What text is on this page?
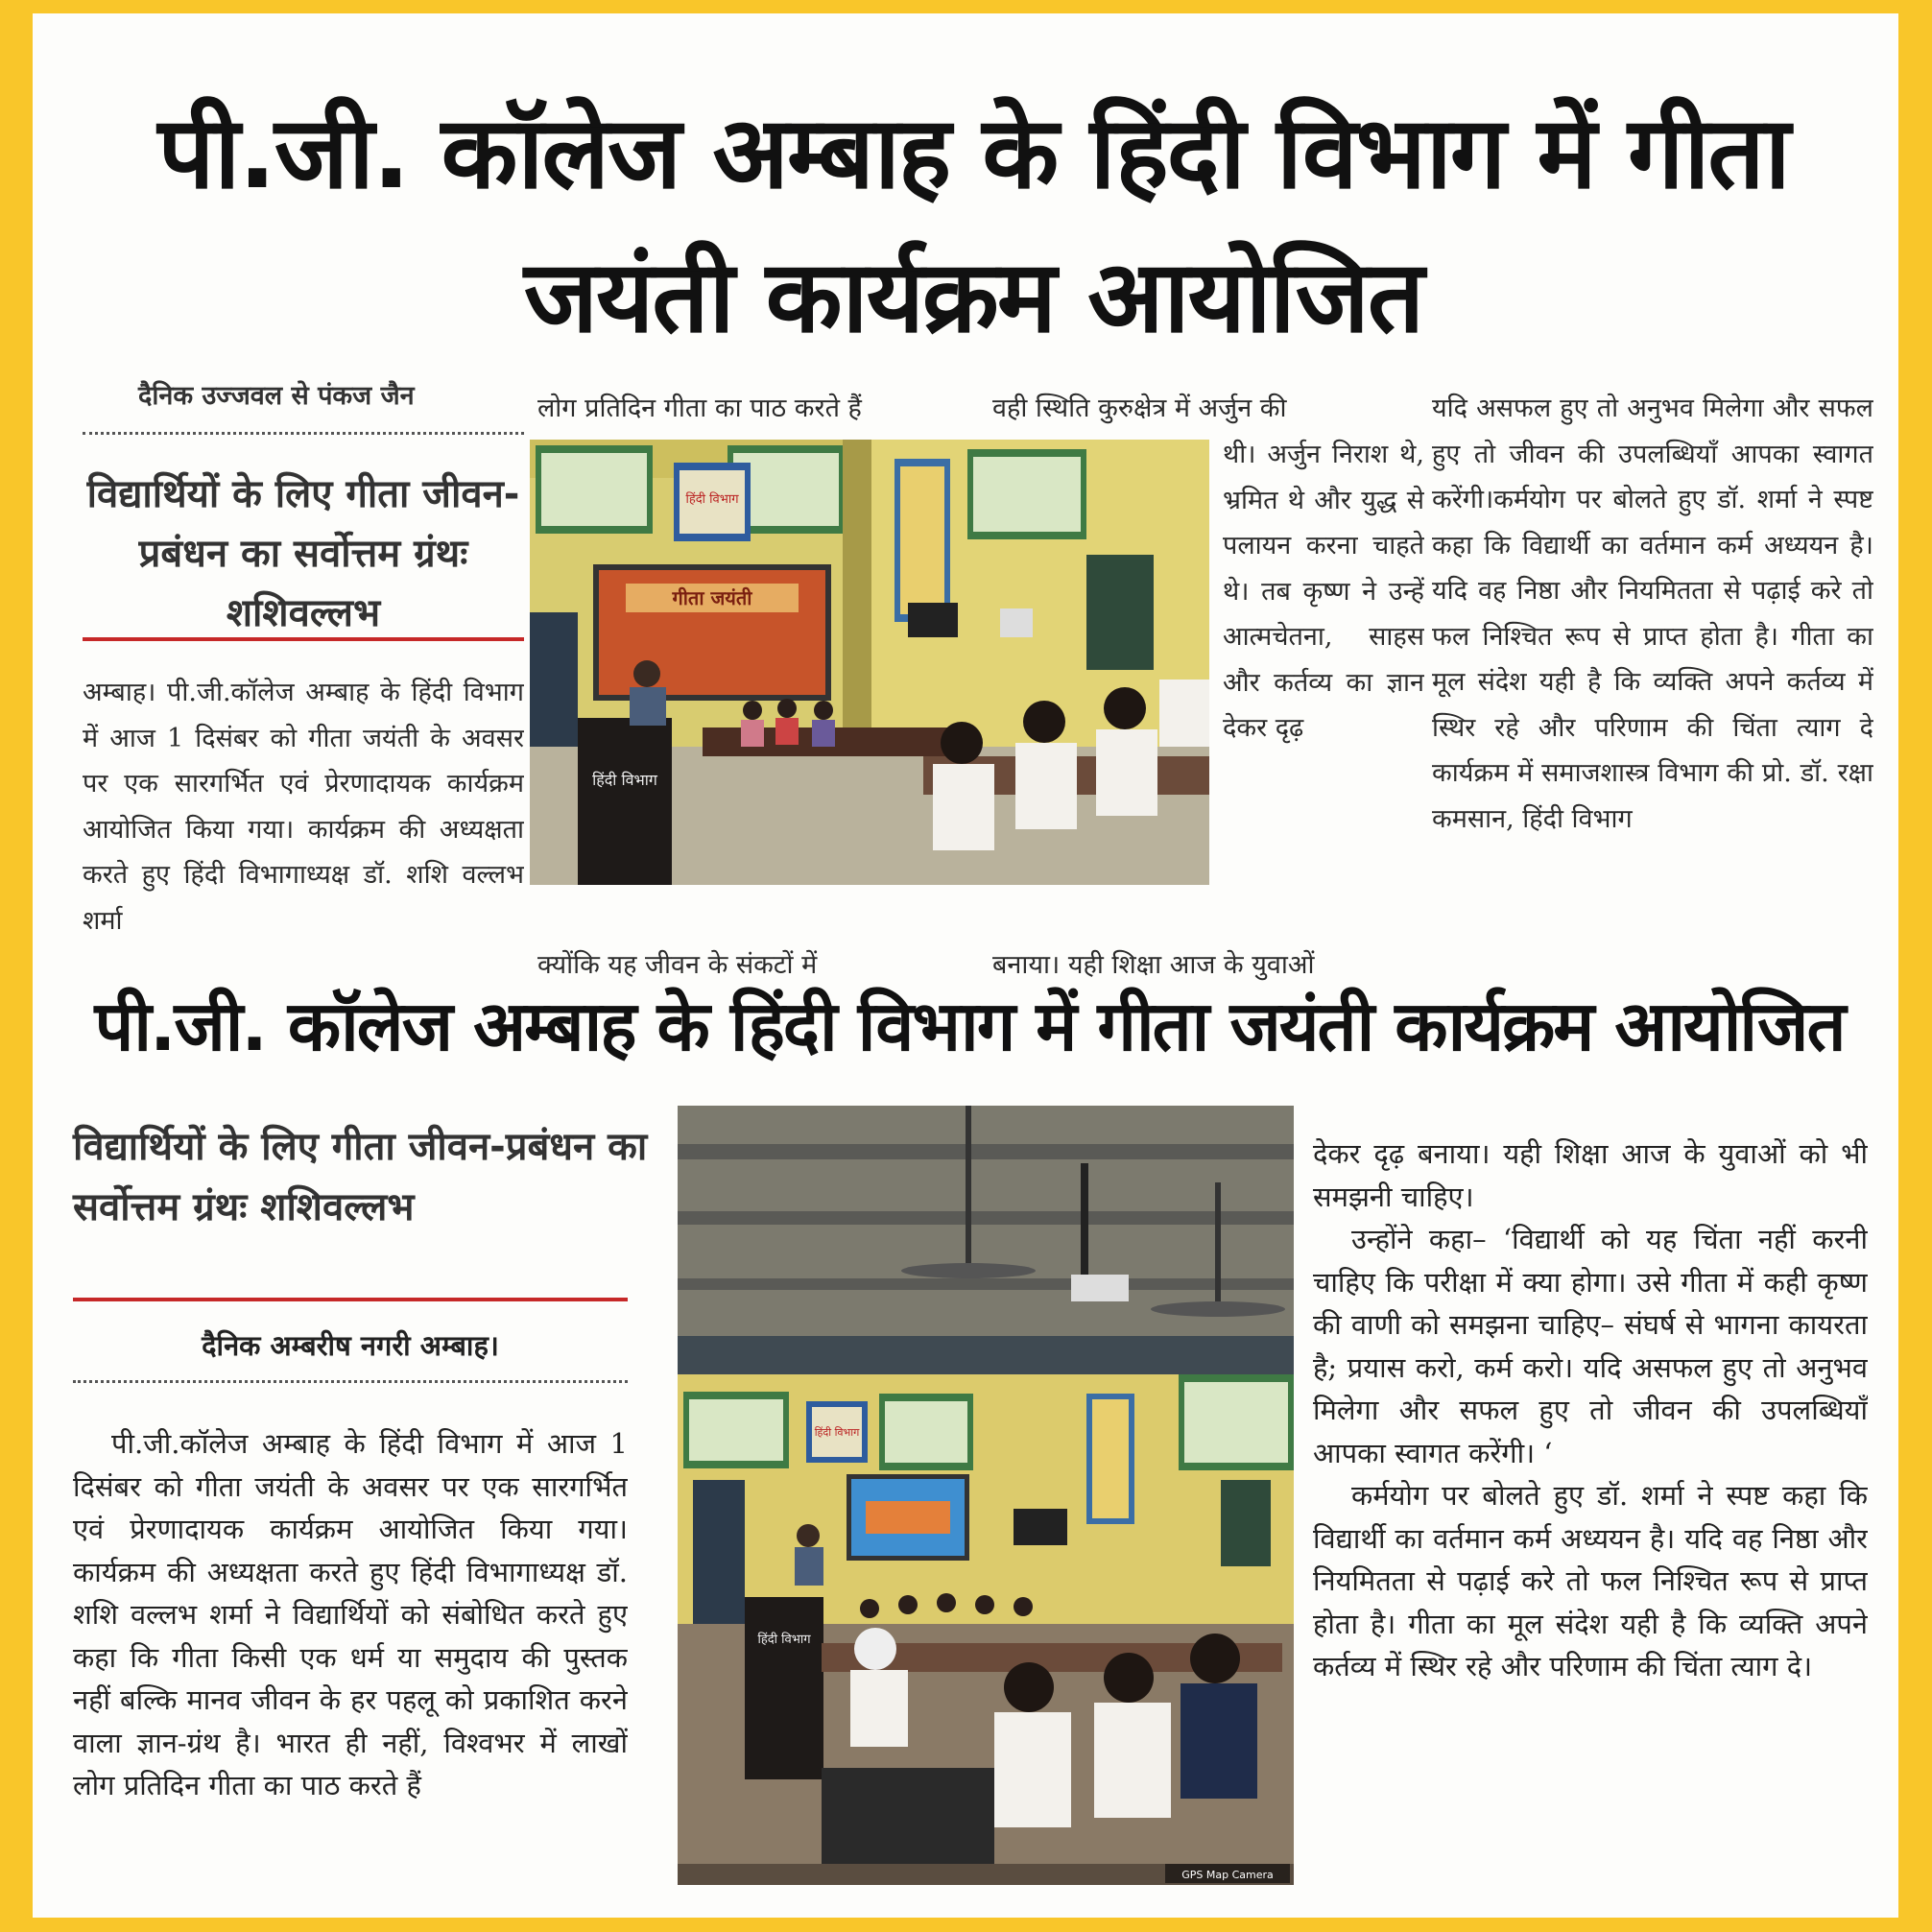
पी.जी. कॉलेज अम्बाह के हिंदी विभाग में गीता जयंती कार्यक्रम आयोजित
दैनिक उज्जवल से पंकज जैन
विद्यार्थियों के लिए गीता जीवन-प्रबंधन का सर्वोत्तम ग्रंथः शशिवल्लभ
अम्बाह। पी.जी.कॉलेज अम्बाह के हिंदी विभाग में आज 1 दिसंबर को गीता जयंती के अवसर पर एक सारगर्भित एवं प्रेरणादायक कार्यक्रम आयोजित किया गया। कार्यक्रम की अध्यक्षता करते हुए हिंदी विभागाध्यक्ष डॉ. शशि वल्लभ शर्मा
लोग प्रतिदिन गीता का पाठ करते हैं
क्योंकि यह जीवन के संकटों में
वही स्थिति कुरुक्षेत्र में अर्जुन की
थी। अर्जुन निराश थे, भ्रमित थे और युद्ध से पलायन करना चाहते थे। तब कृष्ण ने उन्हें आत्मचेतना, साहस और कर्तव्य का ज्ञान देकर दृढ़
बनाया। यही शिक्षा आज के युवाओं
यदि असफल हुए तो अनुभव मिलेगा और सफल हुए तो जीवन की उपलब्धियाँ आपका स्वागत करेंगी।कर्मयोग पर बोलते हुए डॉ. शर्मा ने स्पष्ट कहा कि विद्यार्थी का वर्तमान कर्म अध्ययन है। यदि वह निष्ठा और नियमितता से पढ़ाई करे तो फल निश्चित रूप से प्राप्त होता है। गीता का मूल संदेश यही है कि व्यक्ति अपने कर्तव्य में स्थिर रहे और परिणाम की चिंता त्याग दे कार्यक्रम में समाजशास्त्र विभाग की प्रो. डॉ. रक्षा कमसान, हिंदी विभाग
हिंदी विभाग
गीता जयंती
हिंदी विभाग
पी.जी. कॉलेज अम्बाह के हिंदी विभाग में गीता जयंती कार्यक्रम आयोजित
विद्यार्थियों के लिए गीता जीवन-प्रबंधन का सर्वोत्तम ग्रंथः शशिवल्लभ
दैनिक अम्बरीष नगरी अम्बाह।
पी.जी.कॉलेज अम्बाह के हिंदी विभाग में आज 1 दिसंबर को गीता जयंती के अवसर पर एक सारगर्भित एवं प्रेरणादायक कार्यक्रम आयोजित किया गया। कार्यक्रम की अध्यक्षता करते हुए हिंदी विभागाध्यक्ष डॉ. शशि वल्लभ शर्मा ने विद्यार्थियों को संबोधित करते हुए कहा कि गीता किसी एक धर्म या समुदाय की पुस्तक नहीं बल्कि मानव जीवन के हर पहलू को प्रकाशित करने वाला ज्ञान-ग्रंथ है। भारत ही नहीं, विश्वभर में लाखों लोग प्रतिदिन गीता का पाठ करते हैं

देकर दृढ़ बनाया। यही शिक्षा आज के युवाओं को भी समझनी चाहिए।

उन्होंने कहा– ‘विद्यार्थी को यह चिंता नहीं करनी चाहिए कि परीक्षा में क्या होगा। उसे गीता में कही कृष्ण की वाणी को समझना चाहिए– संघर्ष से भागना कायरता है; प्रयास करो, कर्म करो। यदि असफल हुए तो अनुभव मिलेगा और सफल हुए तो जीवन की उपलब्धियाँ आपका स्वागत करेंगी। ‘

कर्मयोग पर बोलते हुए डॉ. शर्मा ने स्पष्ट कहा कि विद्यार्थी का वर्तमान कर्म अध्ययन है। यदि वह निष्ठा और नियमितता से पढ़ाई करे तो फल निश्चित रूप से प्राप्त होता है। गीता का मूल संदेश यही है कि व्यक्ति अपने कर्तव्य में स्थिर रहे और परिणाम की चिंता त्याग दे।

हिंदी विभाग
हिंदी विभाग
GPS Map Camera
